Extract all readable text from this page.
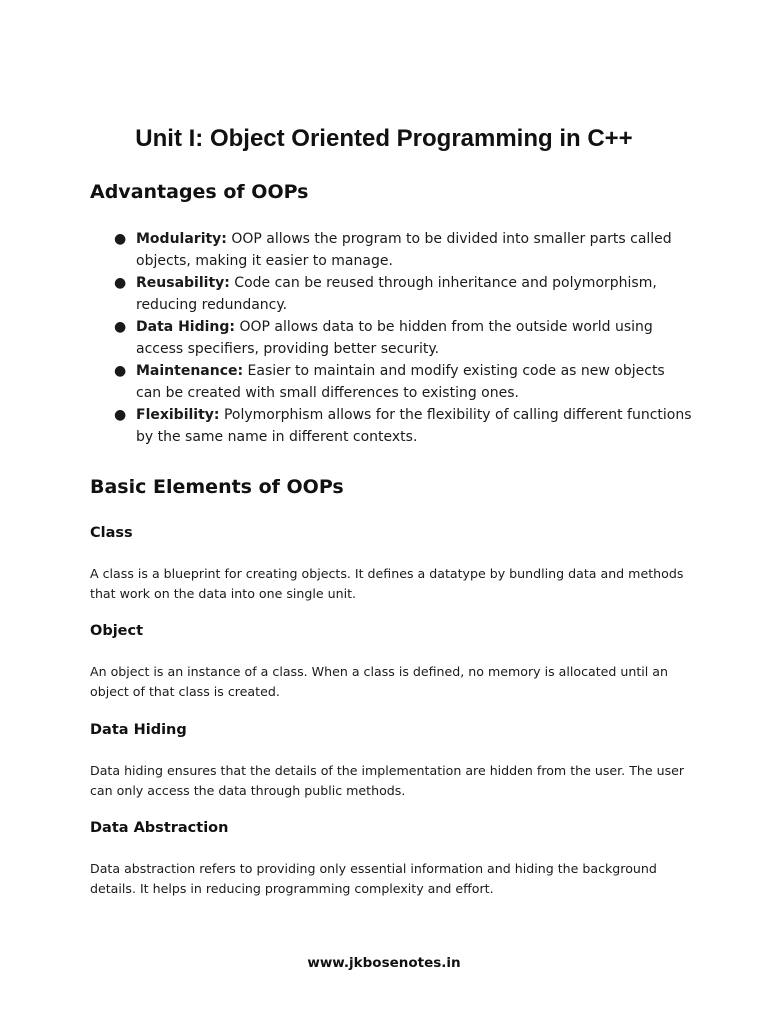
Unit I: Object Oriented Programming in C++
Advantages of OOPs
● Modularity: OOP allows the program to be divided into smaller parts called objects, making it easier to manage.
● Reusability: Code can be reused through inheritance and polymorphism, reducing redundancy.
● Data Hiding: OOP allows data to be hidden from the outside world using access specifiers, providing better security.
● Maintenance: Easier to maintain and modify existing code as new objects can be created with small differences to existing ones.
● Flexibility: Polymorphism allows for the flexibility of calling different functions by the same name in different contexts.
Basic Elements of OOPs
Class

A class is a blueprint for creating objects. It defines a datatype by bundling data and methods that work on the data into one single unit.

Object

An object is an instance of a class. When a class is defined, no memory is allocated until an object of that class is created.

Data Hiding

Data hiding ensures that the details of the implementation are hidden from the user. The user can only access the data through public methods.

Data Abstraction

Data abstraction refers to providing only essential information and hiding the background details. It helps in reducing programming complexity and effort.

www.jkbosenotes.in
